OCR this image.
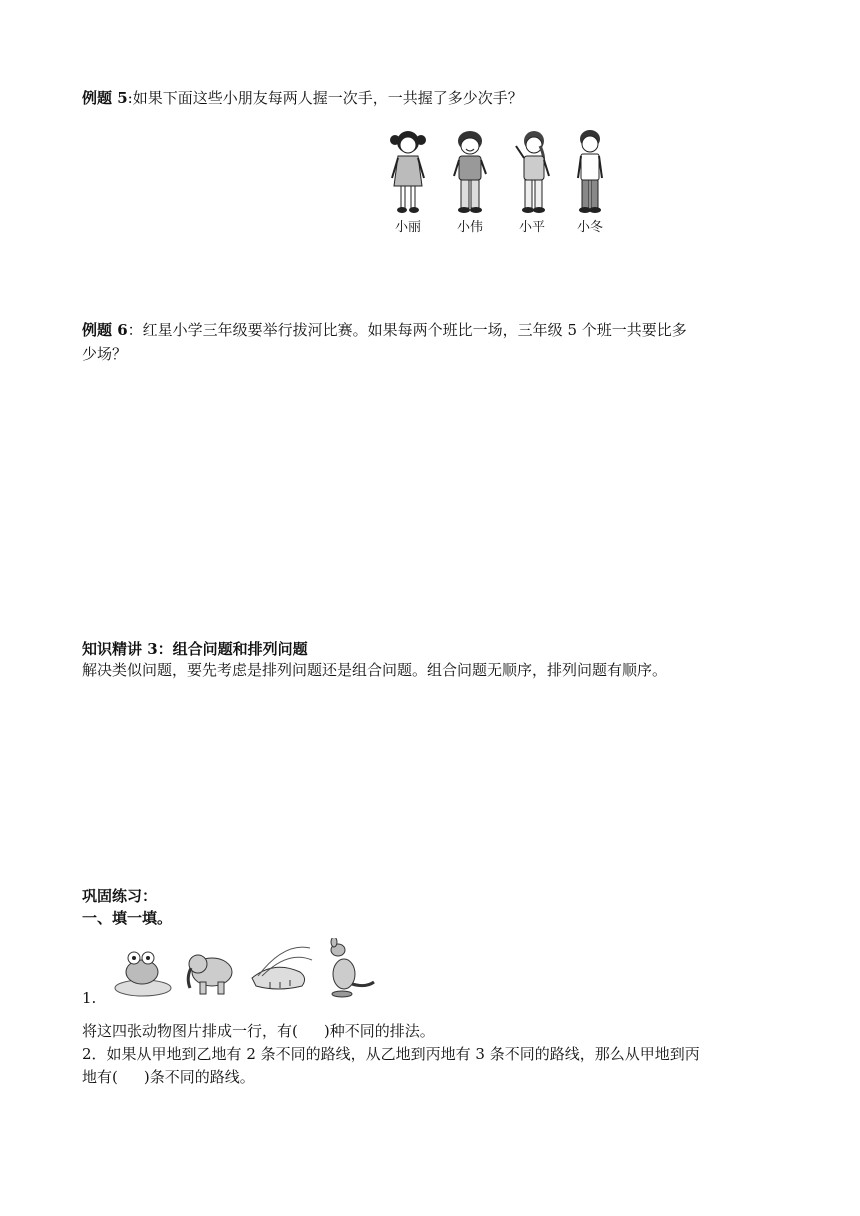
例题 5:如果下面这些小朋友每两人握一次手，一共握了多少次手？
小丽	小伟	小平	小冬
例题 6：红星小学三年级要举行拔河比赛。如果每两个班比一场，三年级 5 个班一共要比多
少场？
知识精讲 3：组合问题和排列问题
解决类似问题，要先考虑是排列问题还是组合问题。组合问题无顺序，排列问题有顺序。
巩固练习：
一、填一填。
1.
将这四张动物图片排成一行，有( )种不同的排法。
2．如果从甲地到乙地有 2 条不同的路线，从乙地到丙地有 3 条不同的路线，那么从甲地到丙
地有( )条不同的路线。
